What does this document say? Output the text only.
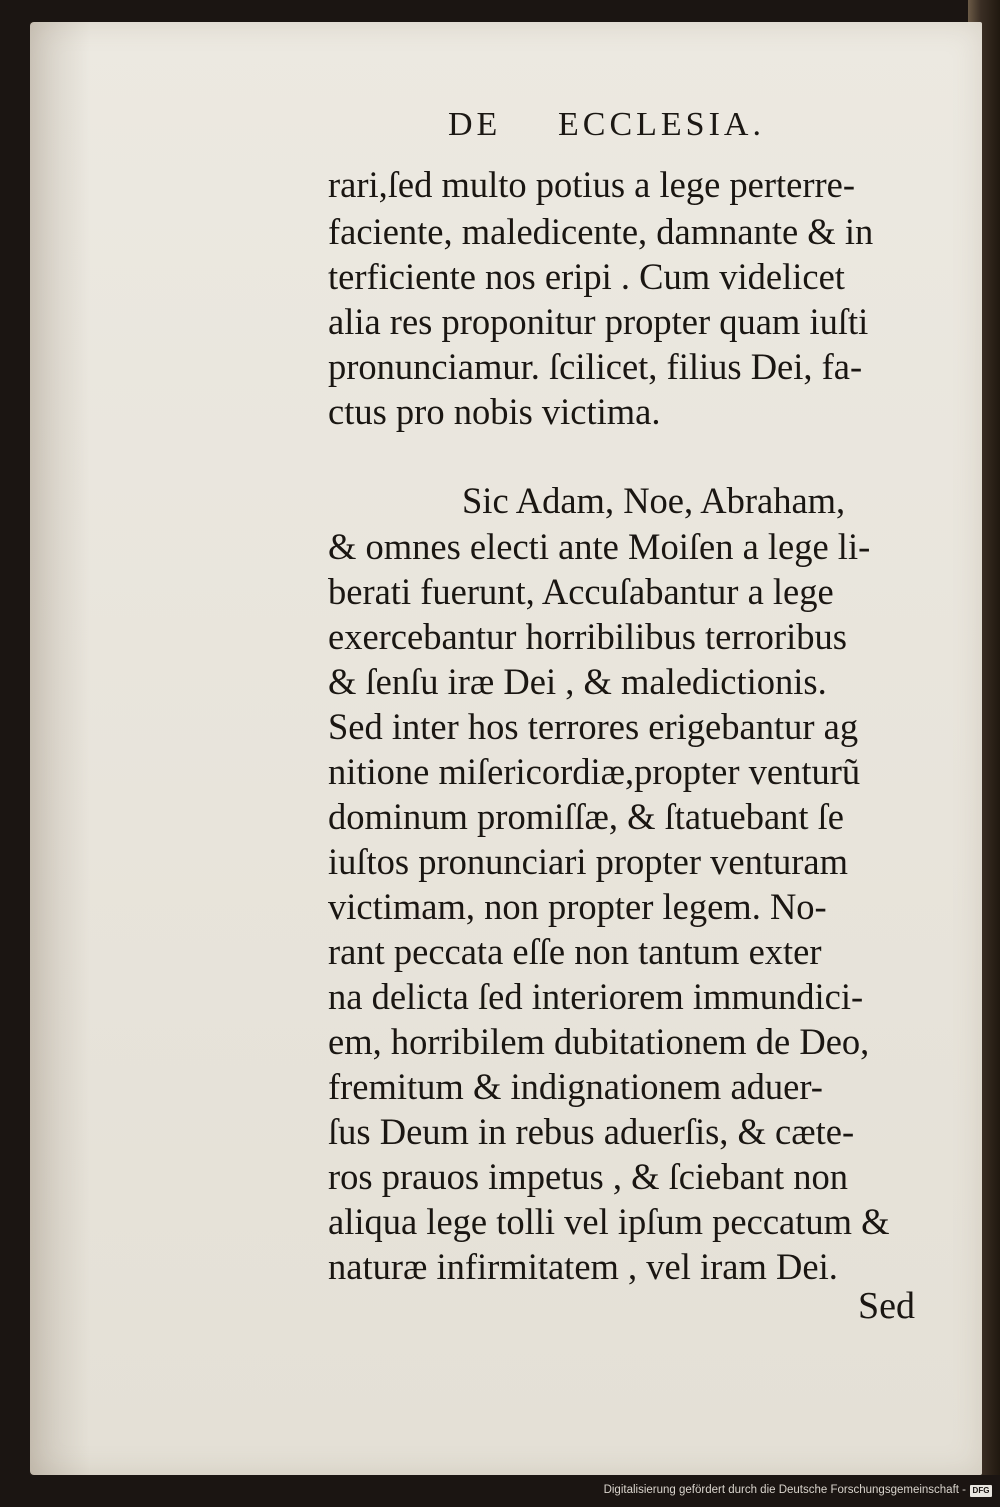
DE ECCLESIA.
rari,ſed multo potius a lege perterre-
faciente, maledicente, damnante & in
terficiente nos eripi . Cum videlicet
alia res proponitur propter quam iuſti
pronunciamur. ſcilicet, filius Dei, fa-
ctus pro nobis victima.
Sic Adam, Noe, Abraham,
& omnes electi ante Moiſen a lege li-
berati fuerunt, Accuſabantur a lege
exercebantur horribilibus terroribus
& ſenſu iræ Dei , & maledictionis.
Sed inter hos terrores erigebantur ag
nitione miſericordiæ,propter venturũ
dominum promiſſæ, & ſtatuebant ſe
iuſtos pronunciari propter venturam
victimam, non propter legem. No-
rant peccata eſſe non tantum exter
na delicta ſed interiorem immundici-
em, horribilem dubitationem de Deo,
fremitum & indignationem aduer-
ſus Deum in rebus aduerſis, & cæte-
ros prauos impetus , & ſciebant non
aliqua lege tolli vel ipſum peccatum &
naturæ infirmitatem , vel iram Dei.
Sed
Digitalisierung gefördert durch die Deutsche Forschungsgemeinschaft - DFG
